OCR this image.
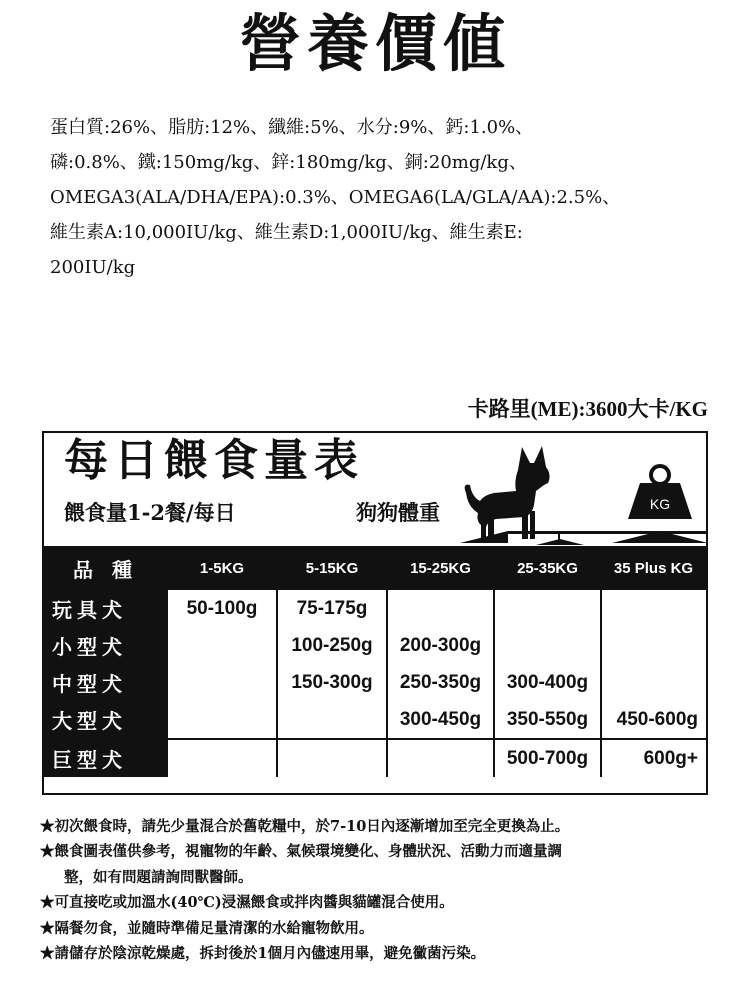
營養價値

蛋白質:26%、脂肪:12%、纖維:5%、水分:9%、鈣:1.0%、

磷:0.8%、鐵:150mg/kg、鋅:180mg/kg、銅:20mg/kg、

OMEGA3(ALA/DHA/EPA):0.3%、OMEGA6(LA/GLA/AA):2.5%、

維生素A:10,000IU/kg、維生素D:1,000IU/kg、維生素E:

200IU/kg

卡路里(ME):3600大卡/KG
每日餵食量表
餵食量1-2餐/每日	狗狗體重	KG
品 種	1-5KG	5-15KG	15-25KG	25-35KG	35 Plus KG
玩具犬	50-100g	75-175g			
小型犬		100-250g	200-300g		
中型犬		150-300g	250-350g	300-400g	
大型犬			300-450g	350-550g	450-600g
巨型犬				500-700g	600g+

★初次餵食時，請先少量混合於舊乾糧中，於7-10日內逐漸增加至完全更換為止。

★餵食圖表僅供參考，視寵物的年齡、氣候環境變化、身體狀況、活動力而適量調

整，如有問題請詢問獸醫師。

★可直接吃或加溫水(40℃)浸濕餵食或拌肉醬與貓罐混合使用。

★隔餐勿食，並隨時準備足量清潔的水給寵物飲用。

★請儲存於陰涼乾燥處，拆封後於1個月內儘速用畢，避免黴菌污染。
